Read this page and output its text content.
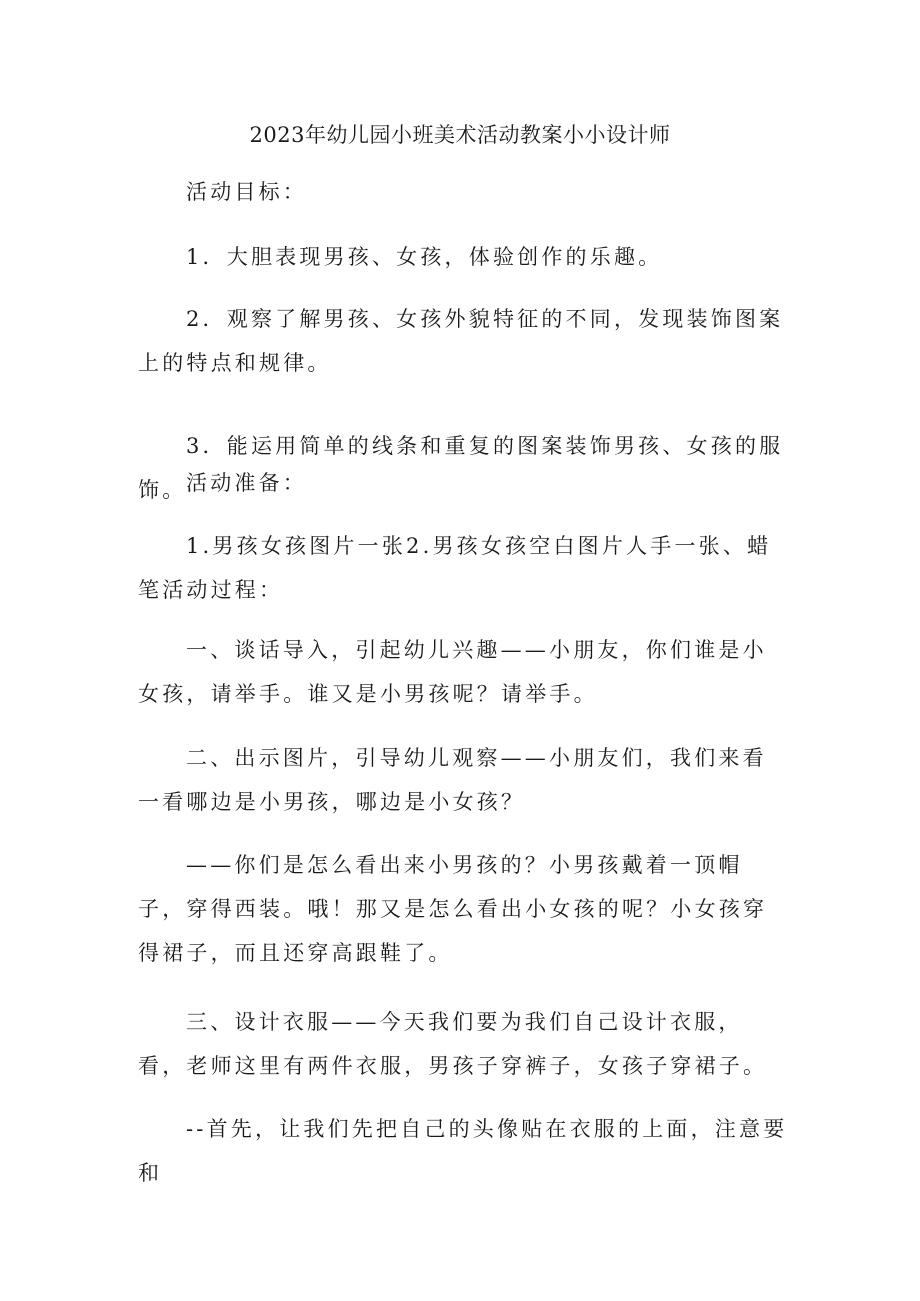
2023年幼儿园小班美术活动教案小小设计师

活动目标：

1．大胆表现男孩、女孩，体验创作的乐趣。

2．观察了解男孩、女孩外貌特征的不同，发现装饰图案上的特点和规律。

3．能运用简单的线条和重复的图案装饰男孩、女孩的服饰。 活动准备：

1.男孩女孩图片一张2.男孩女孩空白图片人手一张、蜡笔活动过程：

一、谈话导入，引起幼儿兴趣——小朋友，你们谁是小女孩，请举手。谁又是小男孩呢？请举手。

二、出示图片，引导幼儿观察——小朋友们，我们来看一看哪边是小男孩，哪边是小女孩？

——你们是怎么看出来小男孩的？小男孩戴着一顶帽子，穿得西装。哦！那又是怎么看出小女孩的呢？小女孩穿得裙子，而且还穿高跟鞋了。

三、设计衣服——今天我们要为我们自己设计衣服，看，老师这里有两件衣服，男孩子穿裤子，女孩子穿裙子。

--首先，让我们先把自己的头像贴在衣服的上面，注意要和
